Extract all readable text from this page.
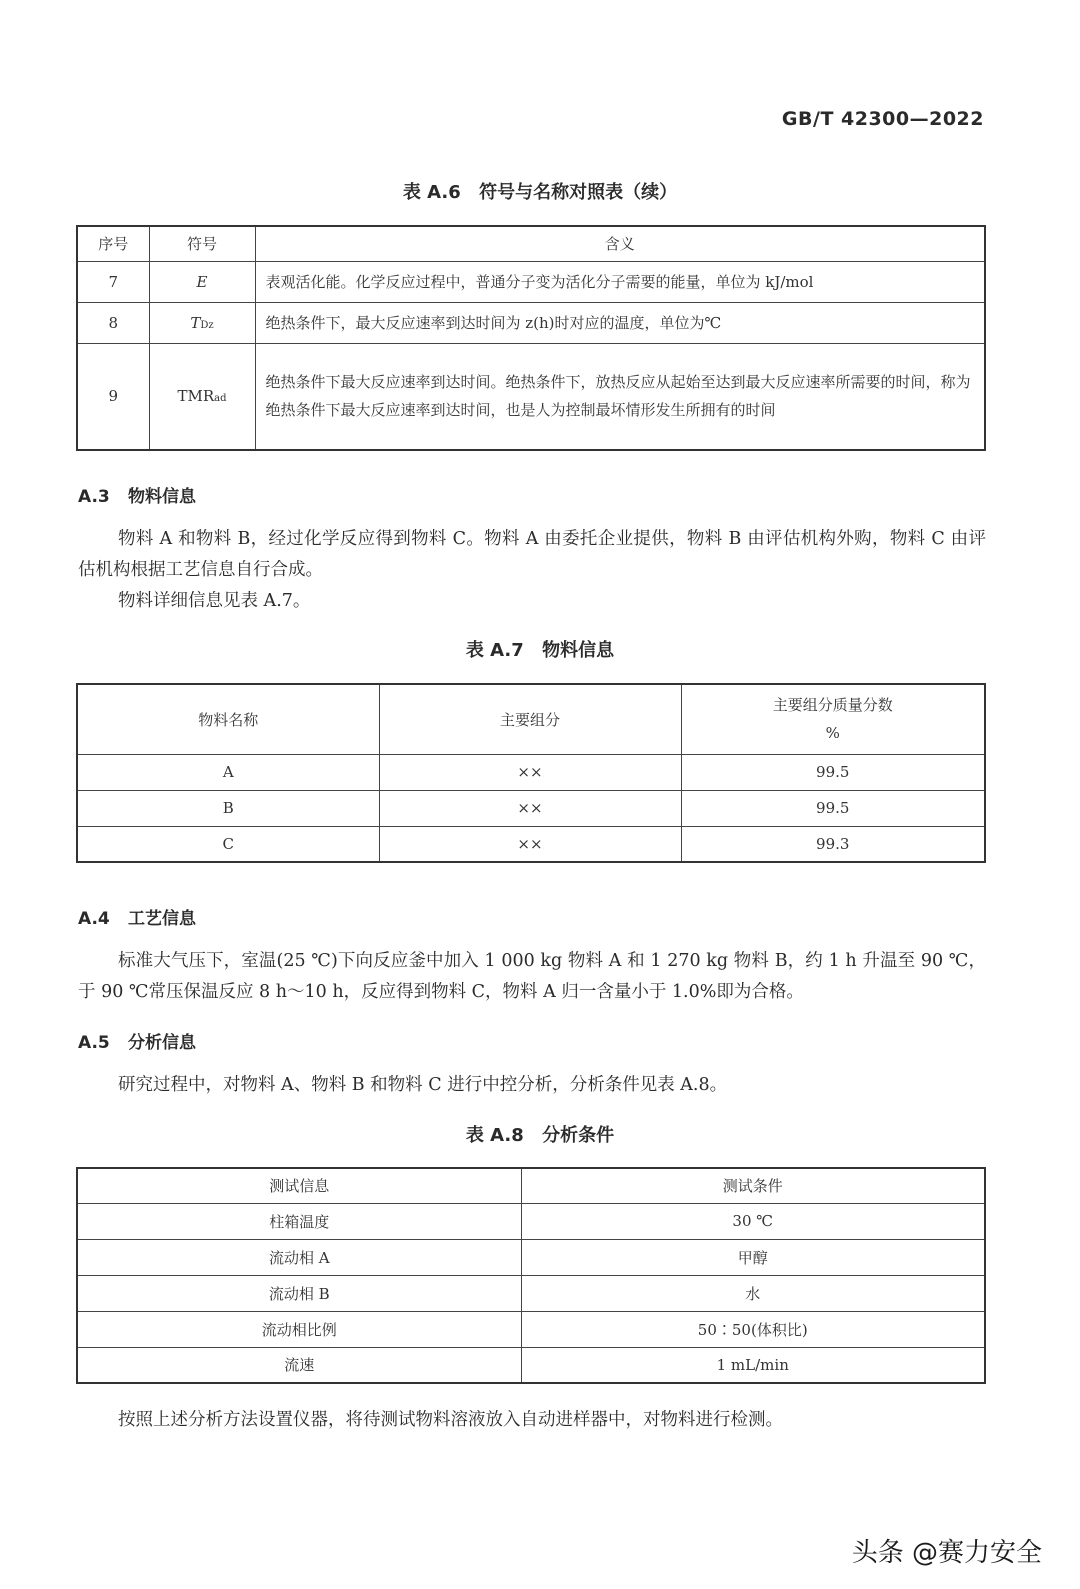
GB/T 42300—2022
表 A.6 符号与名称对照表（续）
序号	符号	含义
7	E	表观活化能。化学反应过程中，普通分子变为活化分子需要的能量，单位为 kJ/mol
8	TDz	绝热条件下，最大反应速率到达时间为 z(h)时对应的温度，单位为℃
9	TMRad	绝热条件下最大反应速率到达时间。绝热条件下，放热反应从起始至达到最大反应速率所需要的时间，称为绝热条件下最大反应速率到达时间，也是人为控制最坏情形发生所拥有的时间
A.3 物料信息
物料 A 和物料 B，经过化学反应得到物料 C。物料 A 由委托企业提供，物料 B 由评估机构外购，物料 C 由评估机构根据工艺信息自行合成。
物料详细信息见表 A.7。
表 A.7 物料信息
物料名称	主要组分	主要组分质量分数
%

A	××	99.5
B	××	99.5
C	××	99.3
A.4 工艺信息
标准大气压下，室温(25 ℃)下向反应釜中加入 1 000 kg 物料 A 和 1 270 kg 物料 B，约 1 h 升温至 90 ℃，于 90 ℃常压保温反应 8 h～10 h，反应得到物料 C，物料 A 归一含量小于 1.0%即为合格。
A.5 分析信息
研究过程中，对物料 A、物料 B 和物料 C 进行中控分析，分析条件见表 A.8。
表 A.8 分析条件
测试信息	测试条件
柱箱温度	30 ℃
流动相 A	甲醇
流动相 B	水
流动相比例	50∶50(体积比)
流速	1 mL/min
按照上述分析方法设置仪器，将待测试物料溶液放入自动进样器中，对物料进行检测。
头条 @赛力安全
